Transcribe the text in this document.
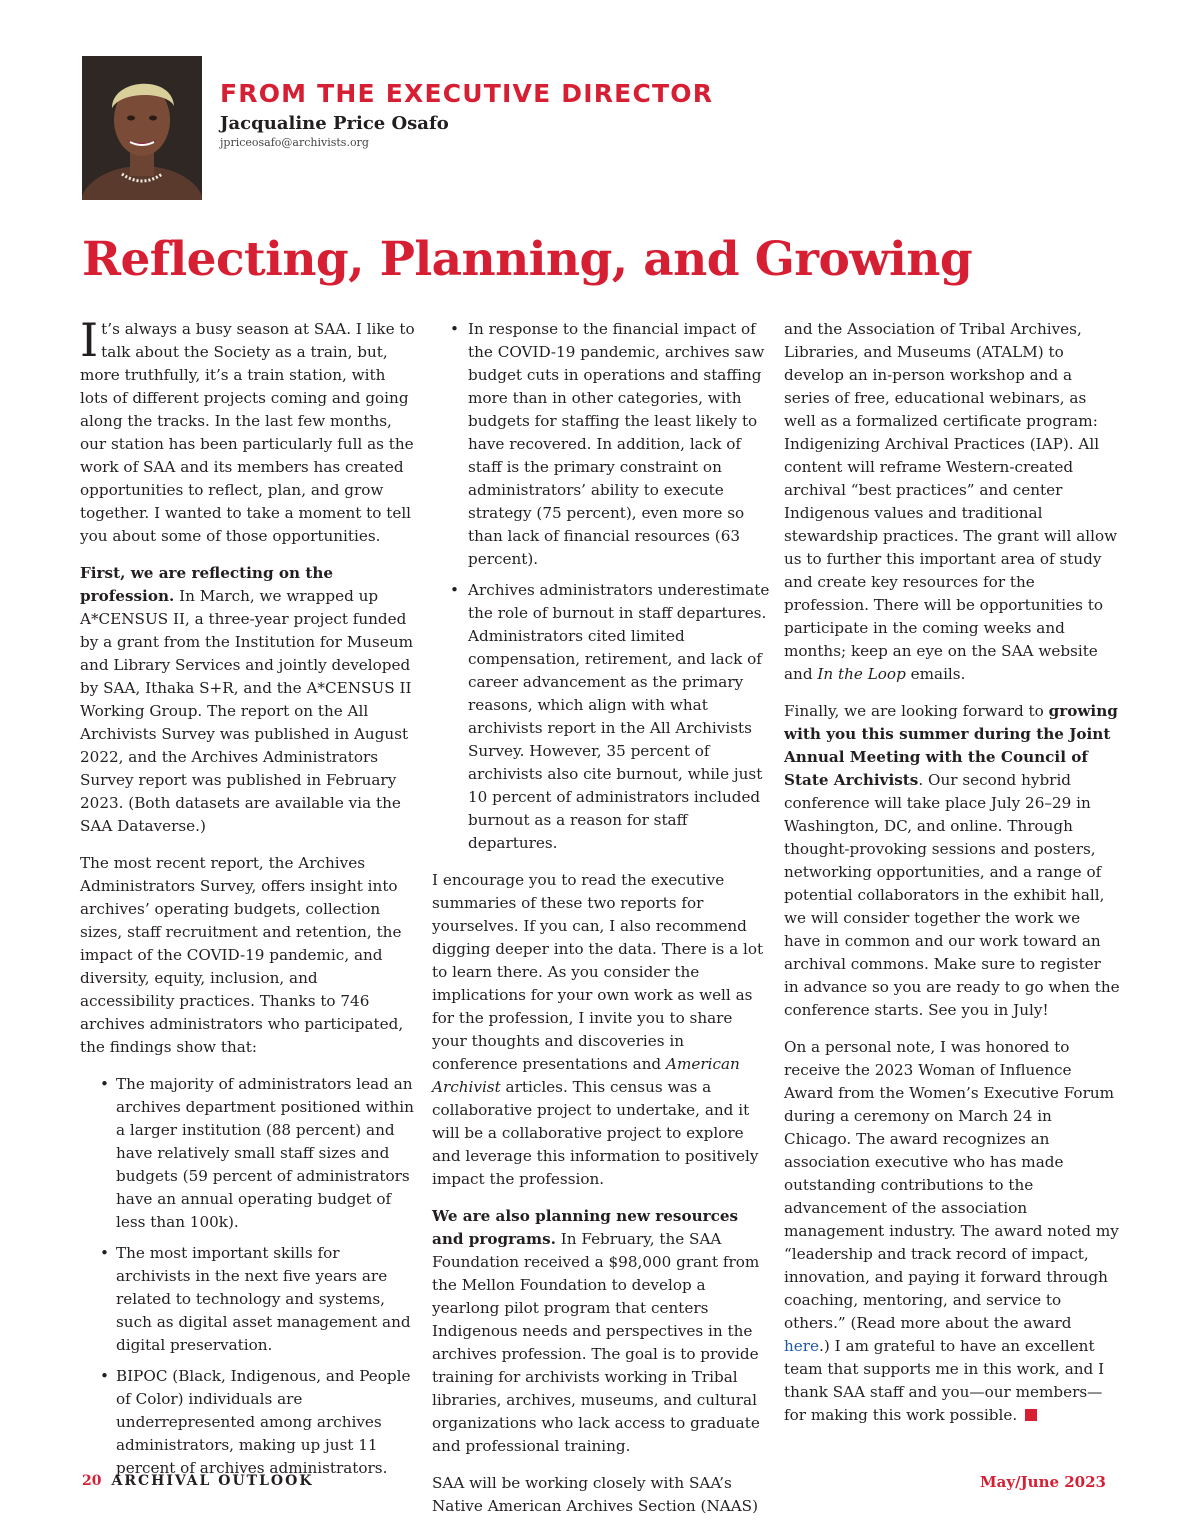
FROM THE EXECUTIVE DIRECTOR

Jacqualine Price Osafo

jpriceosafo@archivists.org

Reflecting, Planning, and Growing

It’s always a busy season at SAA. I like to talk about the Society as a train, but, more truthfully, it’s a train station, with lots of different projects coming and going along the tracks. In the last few months, our station has been particularly full as the work of SAA and its members has created opportunities to reflect, plan, and grow together. I wanted to take a moment to tell you about some of those opportunities.

First, we are reflecting on the profession. In March, we wrapped up A*CENSUS II, a three-year project funded by a grant from the Institution for Museum and Library Services and jointly developed by SAA, Ithaka S+R, and the A*CENSUS II Working Group. The report on the All Archivists Survey was published in August 2022, and the Archives Administrators Survey report was published in February 2023. (Both datasets are available via the SAA Dataverse.)

The most recent report, the Archives Administrators Survey, offers insight into archives’ operating budgets, collection sizes, staff recruitment and retention, the impact of the COVID-19 pandemic, and diversity, equity, inclusion, and accessibility practices. Thanks to 746 archives administrators who participated, the findings show that:

• The majority of administrators lead an archives department positioned within a larger institution (88 percent) and have relatively small staff sizes and budgets (59 percent of administrators have an annual operating budget of less than 100k).
• The most important skills for archivists in the next five years are related to technology and systems, such as digital asset management and digital preservation.
• BIPOC (Black, Indigenous, and People of Color) individuals are underrepresented among archives administrators, making up just 11 percent of archives administrators.
• In response to the financial impact of the COVID-19 pandemic, archives saw budget cuts in operations and staffing more than in other categories, with budgets for staffing the least likely to have recovered. In addition, lack of staff is the primary constraint on administrators’ ability to execute strategy (75 percent), even more so than lack of financial resources (63 percent).
• Archives administrators underestimate the role of burnout in staff departures. Administrators cited limited compensation, retirement, and lack of career advancement as the primary reasons, which align with what archivists report in the All Archivists Survey. However, 35 percent of archivists also cite burnout, while just 10 percent of administrators included burnout as a reason for staff departures.

I encourage you to read the executive summaries of these two reports for yourselves. If you can, I also recommend digging deeper into the data. There is a lot to learn there. As you consider the implications for your own work as well as for the profession, I invite you to share your thoughts and discoveries in conference presentations and American Archivist articles. This census was a collaborative project to undertake, and it will be a collaborative project to explore and leverage this information to positively impact the profession.

We are also planning new resources and programs. In February, the SAA Foundation received a $98,000 grant from the Mellon Foundation to develop a yearlong pilot program that centers Indigenous needs and perspectives in the archives profession. The goal is to provide training for archivists working in Tribal libraries, archives, museums, and cultural organizations who lack access to graduate and professional training.

SAA will be working closely with SAA’s Native American Archives Section (NAAS)

and the Association of Tribal Archives, Libraries, and Museums (ATALM) to develop an in-person workshop and a series of free, educational webinars, as well as a formalized certificate program: Indigenizing Archival Practices (IAP). All content will reframe Western-created archival “best practices” and center Indigenous values and traditional stewardship practices. The grant will allow us to further this important area of study and create key resources for the profession. There will be opportunities to participate in the coming weeks and months; keep an eye on the SAA website and In the Loop emails.

Finally, we are looking forward to growing with you this summer during the Joint Annual Meeting with the Council of State Archivists. Our second hybrid conference will take place July 26–29 in Washington, DC, and online. Through thought-provoking sessions and posters, networking opportunities, and a range of potential collaborators in the exhibit hall, we will consider together the work we have in common and our work toward an archival commons. Make sure to register in advance so you are ready to go when the conference starts. See you in July!

On a personal note, I was honored to receive the 2023 Woman of Influence Award from the Women’s Executive Forum during a ceremony on March 24 in Chicago. The award recognizes an association executive who has made outstanding contributions to the advancement of the association management industry. The award noted my “leadership and track record of impact, innovation, and paying it forward through coaching, mentoring, and service to others.” (Read more about the award here.) I am grateful to have an excellent team that supports me in this work, and I thank SAA staff and you—our members—for making this work possible.

20 ARCHIVAL OUTLOOK	May/June 2023
